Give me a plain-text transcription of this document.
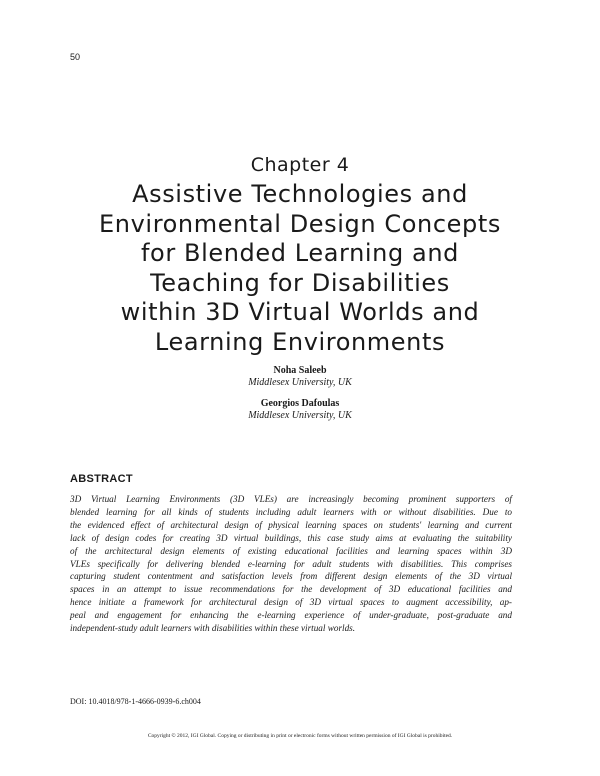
50
Chapter 4
Assistive Technologies and
Environmental Design Concepts
for Blended Learning and
Teaching for Disabilities
within 3D Virtual Worlds and
Learning Environments
Noha Saleeb
Middlesex University, UK
Georgios Dafoulas
Middlesex University, UK
ABSTRACT
3D Virtual Learning Environments (3D VLEs) are increasingly becoming prominent supporters of
blended learning for all kinds of students including adult learners with or without disabilities. Due to
the evidenced effect of architectural design of physical learning spaces on students' learning and current
lack of design codes for creating 3D virtual buildings, this case study aims at evaluating the suitability
of the architectural design elements of existing educational facilities and learning spaces within 3D
VLEs specifically for delivering blended e-learning for adult students with disabilities. This comprises
capturing student contentment and satisfaction levels from different design elements of the 3D virtual
spaces in an attempt to issue recommendations for the development of 3D educational facilities and
hence initiate a framework for architectural design of 3D virtual spaces to augment accessibility, ap-
peal and engagement for enhancing the e-learning experience of under-graduate, post-graduate and
independent-study adult learners with disabilities within these virtual worlds.
DOI: 10.4018/978-1-4666-0939-6.ch004
Copyright © 2012, IGI Global. Copying or distributing in print or electronic forms without written permission of IGI Global is prohibited.
